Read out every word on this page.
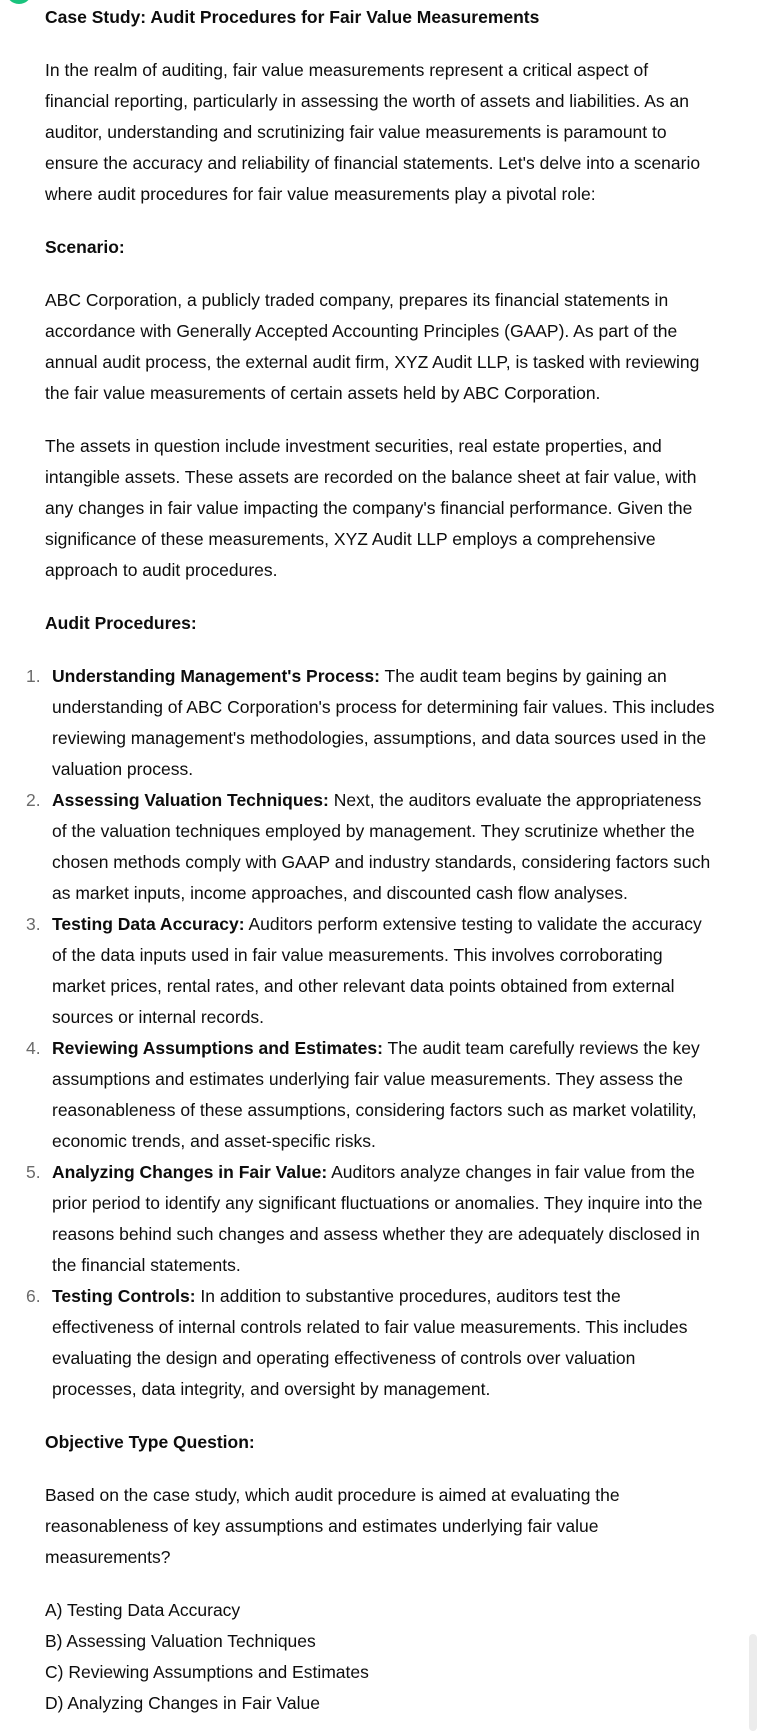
Case Study: Audit Procedures for Fair Value Measurements

In the realm of auditing, fair value measurements represent a critical aspect of financial reporting, particularly in assessing the worth of assets and liabilities. As an auditor, understanding and scrutinizing fair value measurements is paramount to ensure the accuracy and reliability of financial statements. Let's delve into a scenario where audit procedures for fair value measurements play a pivotal role:

Scenario:

ABC Corporation, a publicly traded company, prepares its financial statements in accordance with Generally Accepted Accounting Principles (GAAP). As part of the annual audit process, the external audit firm, XYZ Audit LLP, is tasked with reviewing the fair value measurements of certain assets held by ABC Corporation.

The assets in question include investment securities, real estate properties, and intangible assets. These assets are recorded on the balance sheet at fair value, with any changes in fair value impacting the company's financial performance. Given the significance of these measurements, XYZ Audit LLP employs a comprehensive approach to audit procedures.

Audit Procedures:

1. Understanding Management's Process: The audit team begins by gaining an understanding of ABC Corporation's process for determining fair values. This includes reviewing management's methodologies, assumptions, and data sources used in the valuation process.
2. Assessing Valuation Techniques: Next, the auditors evaluate the appropriateness of the valuation techniques employed by management. They scrutinize whether the chosen methods comply with GAAP and industry standards, considering factors such as market inputs, income approaches, and discounted cash flow analyses.
3. Testing Data Accuracy: Auditors perform extensive testing to validate the accuracy of the data inputs used in fair value measurements. This involves corroborating market prices, rental rates, and other relevant data points obtained from external sources or internal records.
4. Reviewing Assumptions and Estimates: The audit team carefully reviews the key assumptions and estimates underlying fair value measurements. They assess the reasonableness of these assumptions, considering factors such as market volatility, economic trends, and asset-specific risks.
5. Analyzing Changes in Fair Value: Auditors analyze changes in fair value from the prior period to identify any significant fluctuations or anomalies. They inquire into the reasons behind such changes and assess whether they are adequately disclosed in the financial statements.
6. Testing Controls: In addition to substantive procedures, auditors test the effectiveness of internal controls related to fair value measurements. This includes evaluating the design and operating effectiveness of controls over valuation processes, data integrity, and oversight by management.

Objective Type Question:

Based on the case study, which audit procedure is aimed at evaluating the reasonableness of key assumptions and estimates underlying fair value measurements?

A) Testing Data Accuracy

B) Assessing Valuation Techniques

C) Reviewing Assumptions and Estimates

D) Analyzing Changes in Fair Value
